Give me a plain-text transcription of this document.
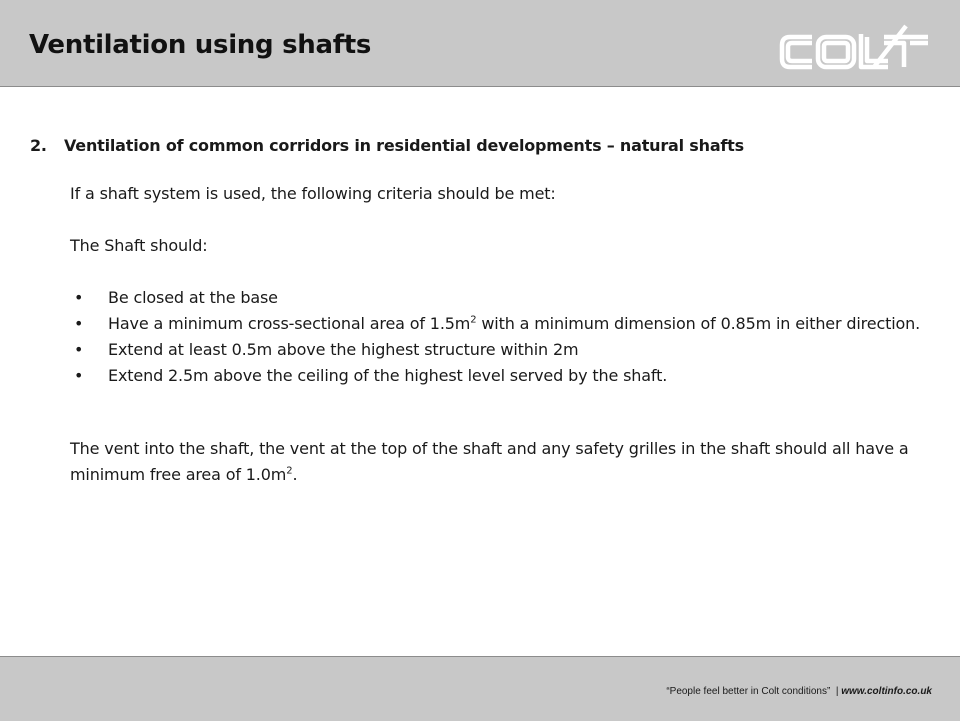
Ventilation using shafts
2. Ventilation of common corridors in residential developments – natural shafts
If a shaft system is used, the following criteria should be met:
The Shaft should:
• Be closed at the base
• Have a minimum cross-sectional area of $1.5m^2$ with a minimum dimension of 0.85m in either direction.
• Extend at least 0.5m above the highest structure within 2m
• Extend 2.5m above the ceiling of the highest level served by the shaft.
The vent into the shaft, the vent at the top of the shaft and any safety grilles in the shaft should all have a minimum free area of $1.0m^2$.
“People feel better in Colt conditions” | www.coltinfo.co.uk
